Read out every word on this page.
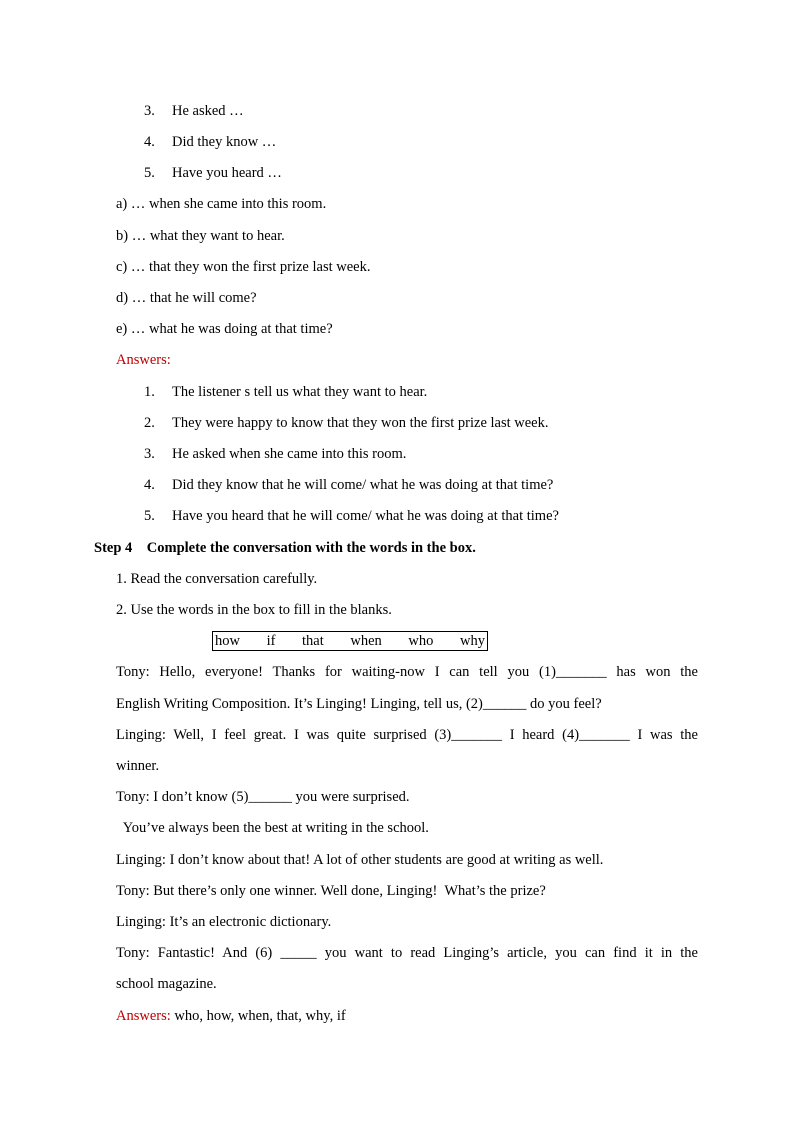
3. He asked …
4. Did they know …
5. Have you heard …
a) … when she came into this room.
b) … what they want to hear.
c) … that they won the first prize last week.
d) … that he will come?
e) … what he was doing at that time?
Answers:
1. The listener s tell us what they want to hear.
2. They were happy to know that they won the first prize last week.
3. He asked when she came into this room.
4. Did they know that he will come/ what he was doing at that time?
5. Have you heard that he will come/ what he was doing at that time?
Step 4    Complete the conversation with the words in the box.
1. Read the conversation carefully.
2. Use the words in the box to fill in the blanks.
how if that when who why
Tony: Hello, everyone! Thanks for waiting-now I can tell you (1)_______ has won the
English Writing Composition. It’s Linging! Linging, tell us, (2)______ do you feel?
Linging: Well, I feel great. I was quite surprised (3)_______ I heard (4)_______ I was the
winner.
Tony: I don’t know (5)______ you were surprised.
You’ve always been the best at writing in the school.
Linging: I don’t know about that! A lot of other students are good at writing as well.
Tony: But there’s only one winner. Well done, Linging!  What’s the prize?
Linging: It’s an electronic dictionary.
Tony: Fantastic! And (6) _____ you want to read Linging’s article, you can find it in the
school magazine.
Answers: who, how, when, that, why, if
